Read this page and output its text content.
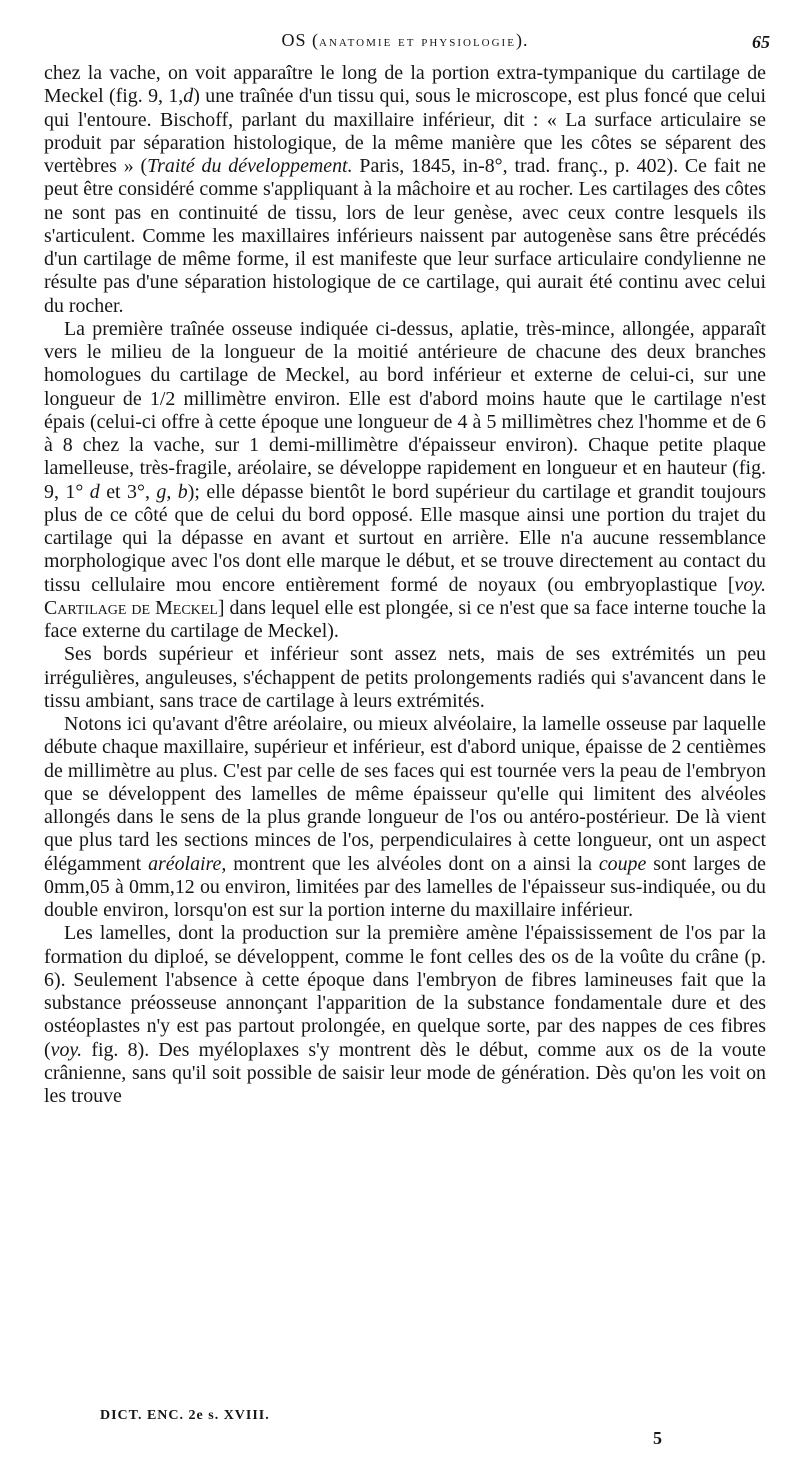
OS (anatomie et physiologie).	65

chez la vache, on voit apparaître le long de la portion extra-tympanique du cartilage de Meckel (fig. 9, 1,d) une traînée d'un tissu qui, sous le microscope, est plus foncé que celui qui l'entoure. Bischoff, parlant du maxillaire inférieur, dit : « La surface articulaire se produit par séparation histologique, de la même manière que les côtes se séparent des vertèbres » (Traité du développement. Paris, 1845, in-8°, trad. franç., p. 402). Ce fait ne peut être considéré comme s'appliquant à la mâchoire et au rocher. Les cartilages des côtes ne sont pas en continuité de tissu, lors de leur genèse, avec ceux contre lesquels ils s'articulent. Comme les maxillaires inférieurs naissent par autogenèse sans être précédés d'un cartilage de même forme, il est manifeste que leur surface articulaire condylienne ne résulte pas d'une séparation histologique de ce cartilage, qui aurait été continu avec celui du rocher.

La première traînée osseuse indiquée ci-dessus, aplatie, très-mince, allongée, apparaît vers le milieu de la longueur de la moitié antérieure de chacune des deux branches homologues du cartilage de Meckel, au bord inférieur et externe de celui-ci, sur une longueur de 1/2 millimètre environ. Elle est d'abord moins haute que le cartilage n'est épais (celui-ci offre à cette époque une longueur de 4 à 5 millimètres chez l'homme et de 6 à 8 chez la vache, sur 1 demi-millimètre d'épaisseur environ). Chaque petite plaque lamelleuse, très-fragile, aréolaire, se développe rapidement en longueur et en hauteur (fig. 9, 1° d et 3°, g, b); elle dépasse bientôt le bord supérieur du cartilage et grandit toujours plus de ce côté que de celui du bord opposé. Elle masque ainsi une portion du trajet du cartilage qui la dépasse en avant et surtout en arrière. Elle n'a aucune ressemblance morphologique avec l'os dont elle marque le début, et se trouve directement au contact du tissu cellulaire mou encore entièrement formé de noyaux (ou embryoplastique [voy. Cartilage de Meckel] dans lequel elle est plongée, si ce n'est que sa face interne touche la face externe du cartilage de Meckel).

Ses bords supérieur et inférieur sont assez nets, mais de ses extrémités un peu irrégulières, anguleuses, s'échappent de petits prolongements radiés qui s'avancent dans le tissu ambiant, sans trace de cartilage à leurs extrémités.

Notons ici qu'avant d'être aréolaire, ou mieux alvéolaire, la lamelle osseuse par laquelle débute chaque maxillaire, supérieur et inférieur, est d'abord unique, épaisse de 2 centièmes de millimètre au plus. C'est par celle de ses faces qui est tournée vers la peau de l'embryon que se développent des lamelles de même épaisseur qu'elle qui limitent des alvéoles allongés dans le sens de la plus grande longueur de l'os ou antéro-postérieur. De là vient que plus tard les sections minces de l'os, perpendiculaires à cette longueur, ont un aspect élégamment aréolaire, montrent que les alvéoles dont on a ainsi la coupe sont larges de 0mm,05 à 0mm,12 ou environ, limitées par des lamelles de l'épaisseur sus-indiquée, ou du double environ, lorsqu'on est sur la portion interne du maxillaire inférieur.

Les lamelles, dont la production sur la première amène l'épaississement de l'os par la formation du diploé, se développent, comme le font celles des os de la voûte du crâne (p. 6). Seulement l'absence à cette époque dans l'embryon de fibres lamineuses fait que la substance préosseuse annonçant l'apparition de la substance fondamentale dure et des ostéoplastes n'y est pas partout prolongée, en quelque sorte, par des nappes de ces fibres (voy. fig. 8). Des myéloplaxes s'y montrent dès le début, comme aux os de la voute crânienne, sans qu'il soit possible de saisir leur mode de génération. Dès qu'on les voit on les trouve

DICT. ENC. 2e s. XVIII.
5
